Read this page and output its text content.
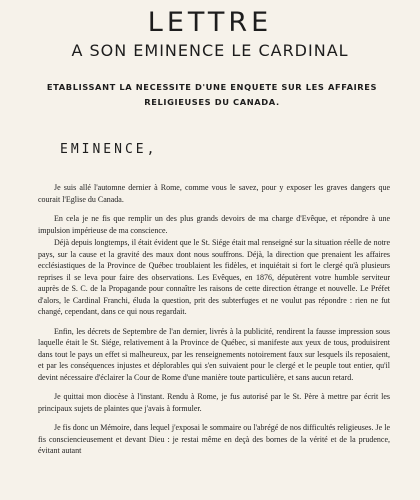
LETTRE
A SON EMINENCE LE CARDINAL
ETABLISSANT LA NECESSITE D'UNE ENQUETE SUR LES AFFAIRES RELIGIEUSES DU CANADA.
EMINENCE,

Je suis allé l'automne dernier à Rome, comme vous le savez, pour y exposer les graves dangers que courait l'Eglise du Canada.

En cela je ne fis que remplir un des plus grands devoirs de ma charge d'Evêque, et répondre à une impulsion impérieuse de ma conscience.

Déjà depuis longtemps, il était évident que le St. Siége était mal renseigné sur la situation réelle de notre pays, sur la cause et la gravité des maux dont nous souffrons. Déjà, la direction que prenaient les affaires ecclésiastiques de la Province de Québec troublaient les fidèles, et inquiétait si fort le clergé qu'à plusieurs reprises il se leva pour faire des observations. Les Evêques, en 1876, députèrent votre humble serviteur auprès de S. C. de la Propagande pour connaître les raisons de cette direction étrange et nouvelle. Le Préfet d'alors, le Cardinal Franchi, éluda la question, prit des subterfuges et ne voulut pas répondre : rien ne fut changé, cependant, dans ce qui nous regardait.

Enfin, les décrets de Septembre de l'an dernier, livrés à la publicité, rendirent la fausse impression sous laquelle était le St. Siége, relativement à la Province de Québec, si manifeste aux yeux de tous, produisirent dans tout le pays un effet si malheureux, par les renseignements notoirement faux sur lesquels ils reposaient, et par les conséquences injustes et déplorables qui s'en suivaient pour le clergé et le peuple tout entier, qu'il devint nécessaire d'éclairer la Cour de Rome d'une manière toute particulière, et sans aucun retard.

Je quittai mon diocèse à l'instant. Rendu à Rome, je fus autorisé par le St. Père à mettre par écrit les principaux sujets de plaintes que j'avais à formuler.

Je fis donc un Mémoire, dans lequel j'exposai le sommaire ou l'abrégé de nos difficultés religieuses. Je le fis consciencieusement et devant Dieu : je restai même en deçà des bornes de la vérité et de la prudence, évitant autant
